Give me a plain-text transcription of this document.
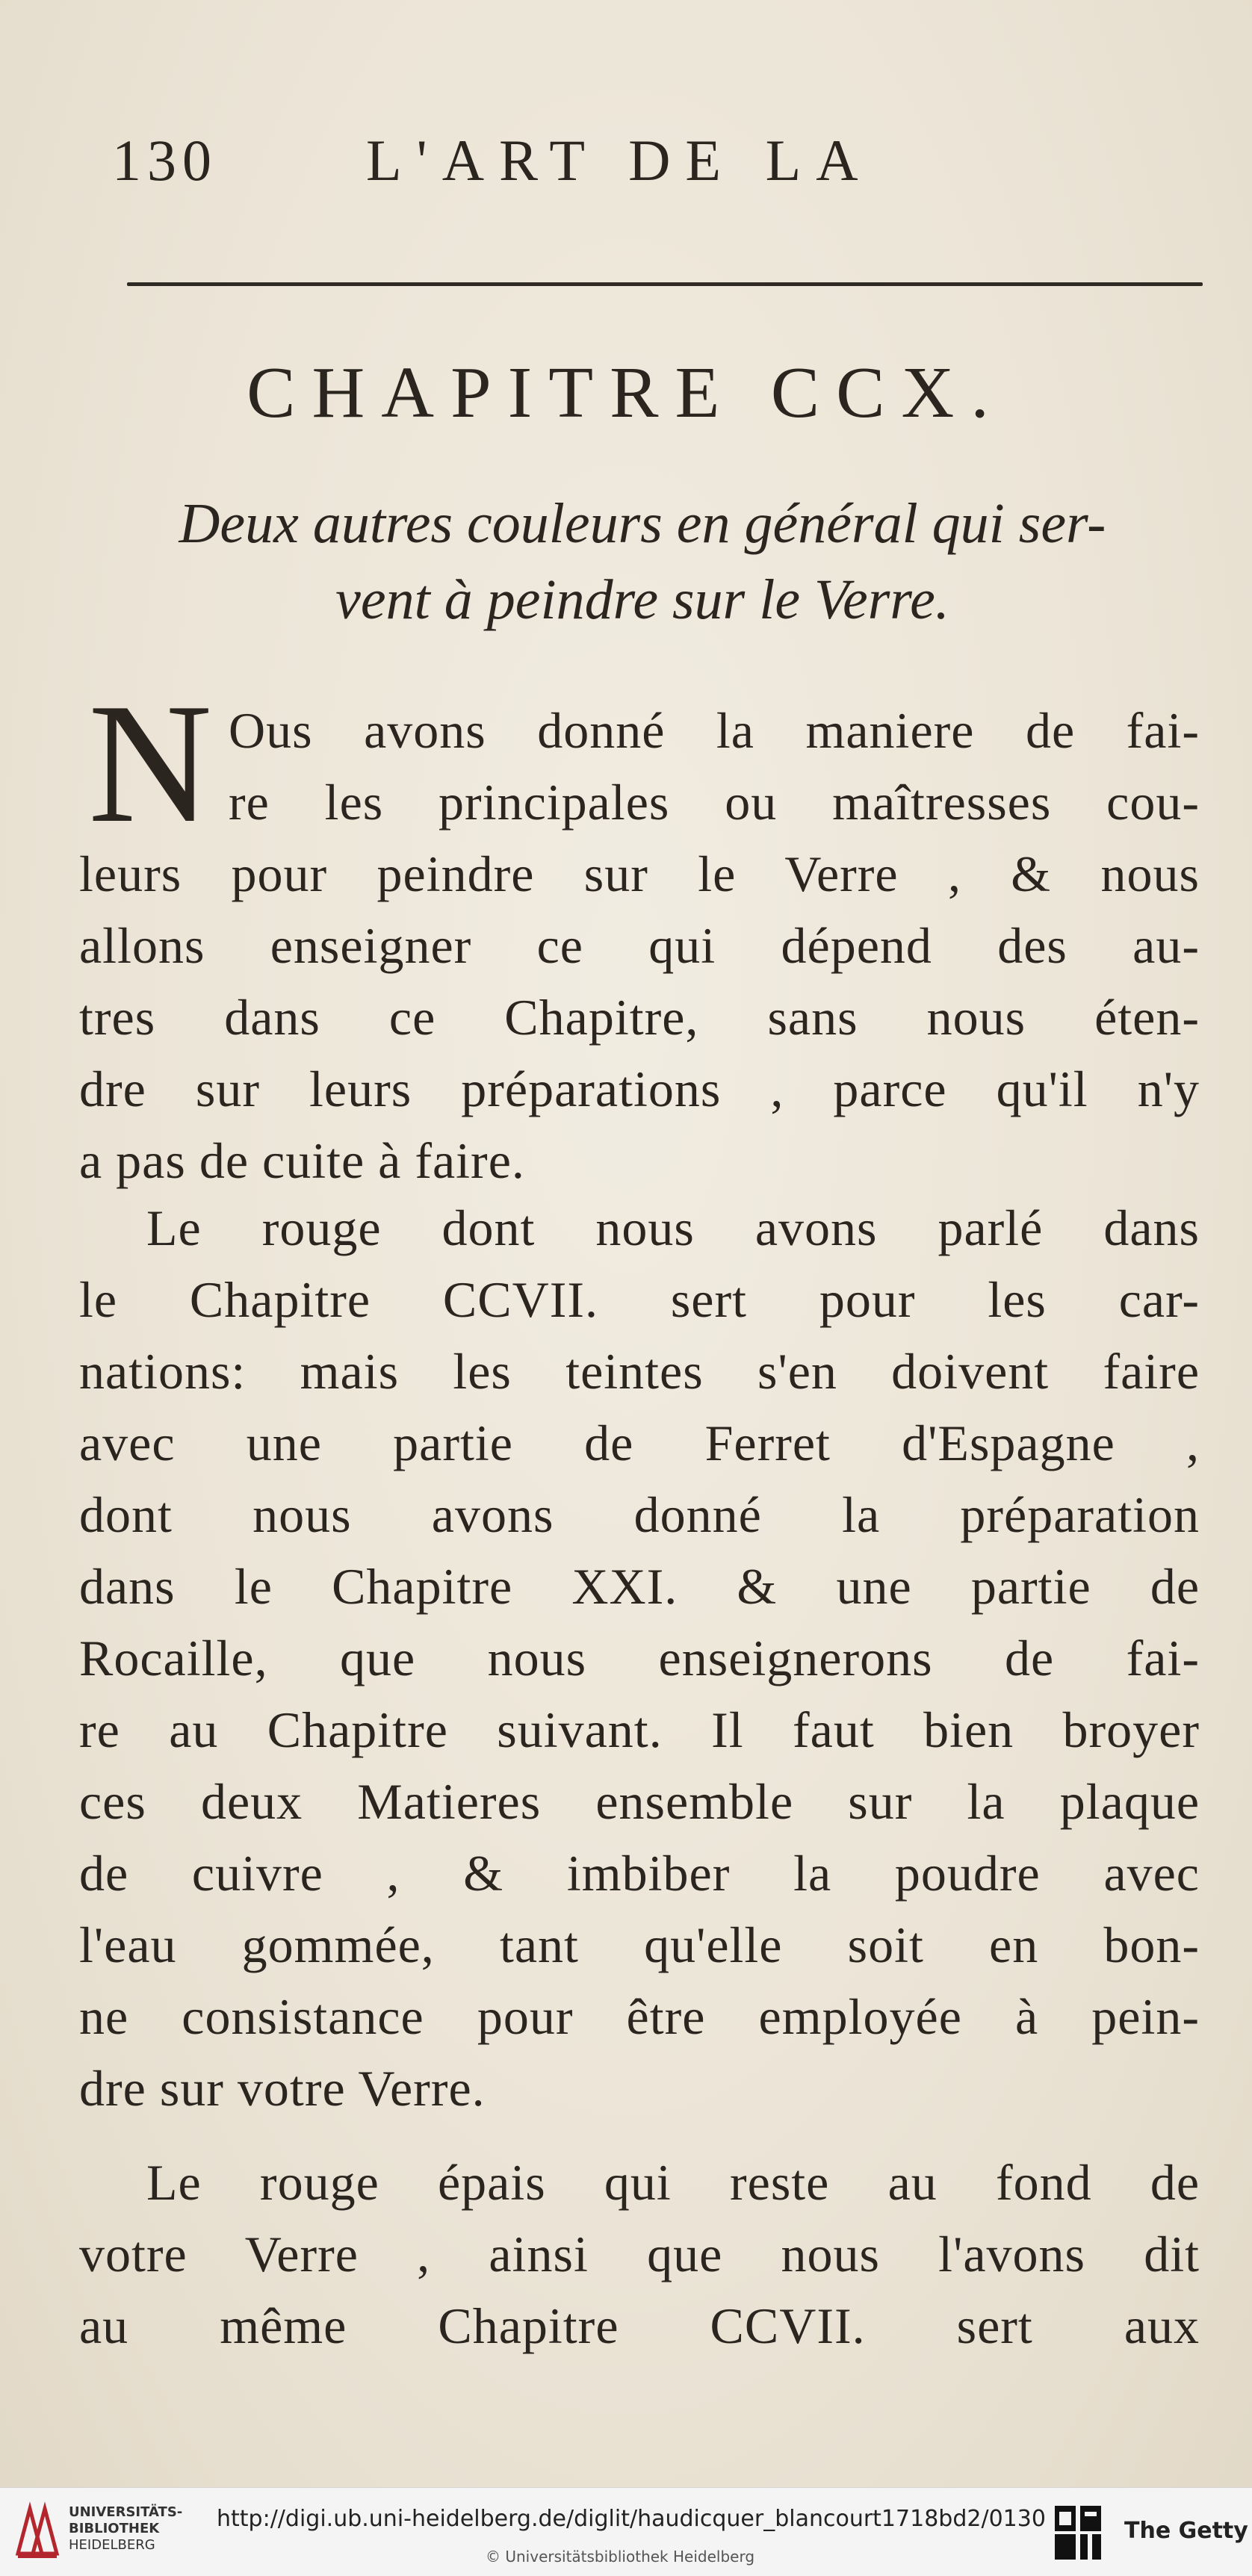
130	L'ART DE LA
CHAPITRE CCX.
Deux autres couleurs en général qui ser-
vent à peindre sur le Verre.
N Ous avons donné la maniere de fai-
re les principales ou maîtresses cou-
leurs pour peindre sur le Verre , & nous
allons enseigner ce qui dépend des au-
tres dans ce Chapitre, sans nous éten-
dre sur leurs préparations , parce qu'il n'y
a pas de cuite à faire.
Le rouge dont nous avons parlé dans
le Chapitre CCVII. sert pour les car-
nations: mais les teintes s'en doivent faire
avec une partie de Ferret d'Espagne ,
dont nous avons donné la préparation
dans le Chapitre XXI. & une partie de
Rocaille, que nous enseignerons de fai-
re au Chapitre suivant. Il faut bien broyer
ces deux Matieres ensemble sur la plaque
de cuivre , & imbiber la poudre avec
l'eau gommée, tant qu'elle soit en bon-
ne consistance pour être employée à pein-
dre sur votre Verre.
Le rouge épais qui reste au fond de
votre Verre , ainsi que nous l'avons dit
au même Chapitre CCVII. sert aux
UNIVERSITÄTS-
BIBLIOTHEK
HEIDELBERG
http://digi.ub.uni-heidelberg.de/diglit/haudicquer_blancourt1718bd2/0130
© Universitätsbibliothek Heidelberg
The Getty
